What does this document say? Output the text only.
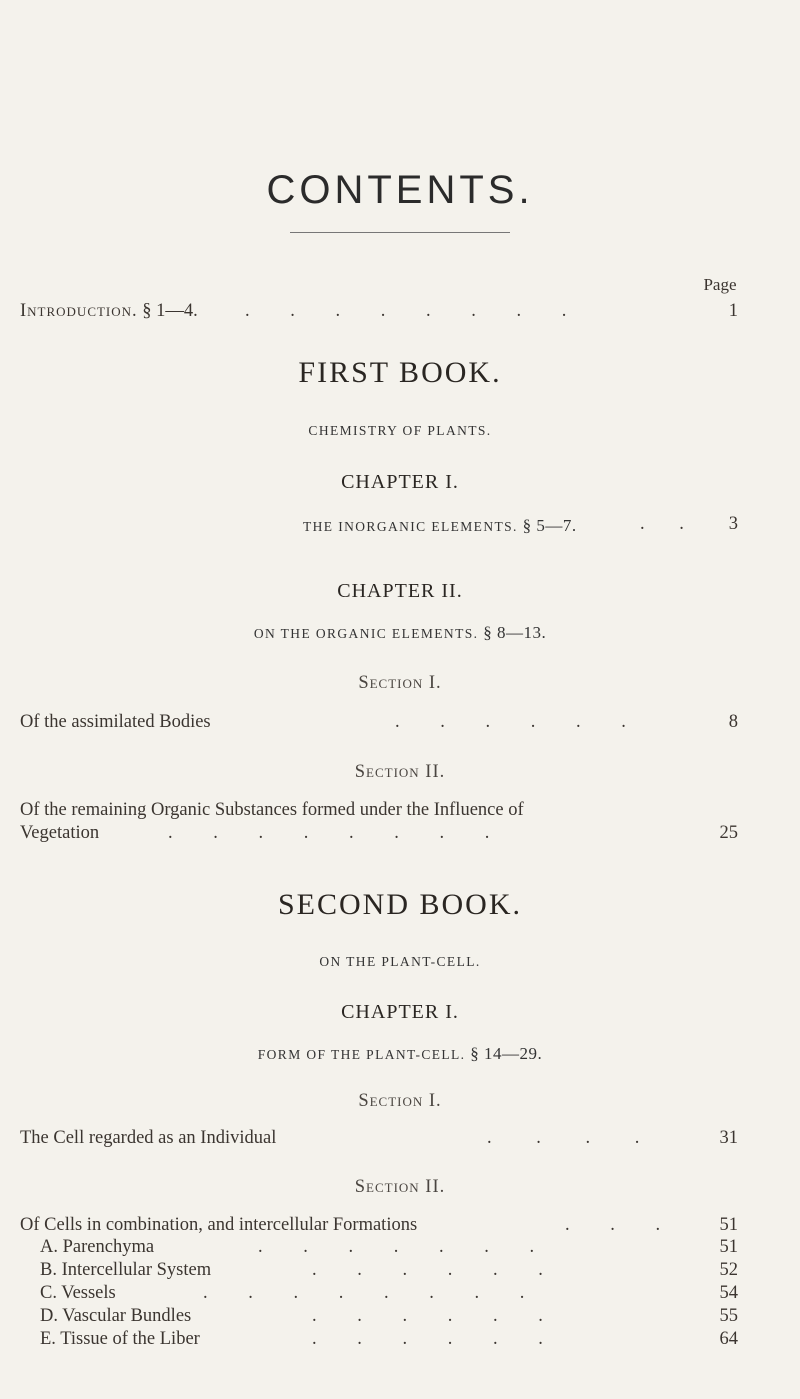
CONTENTS.
Page
Introduction. § 1—4.	. . . . . . . .	1
FIRST BOOK.
CHEMISTRY OF PLANTS.
CHAPTER I.
THE INORGANIC ELEMENTS. § 5—7.	. .	3
CHAPTER II.
ON THE ORGANIC ELEMENTS. § 8—13.
Section I.
Of the assimilated Bodies	. . . . . .	8
Section II.
Of the remaining Organic Substances formed under the Influence of
Vegetation	. . . . . . . .	25
SECOND BOOK.
ON THE PLANT-CELL.
CHAPTER I.
FORM OF THE PLANT-CELL. § 14—29.
Section I.
The Cell regarded as an Individual	. . . .	31
Section II.
Of Cells in combination, and intercellular Formations	. . .	51
A. Parenchyma	. . . . . . .	51
B. Intercellular System	. . . . . .	52
C. Vessels	. . . . . . . .	54
D. Vascular Bundles	. . . . . .	55
E. Tissue of the Liber	. . . . . .	64
